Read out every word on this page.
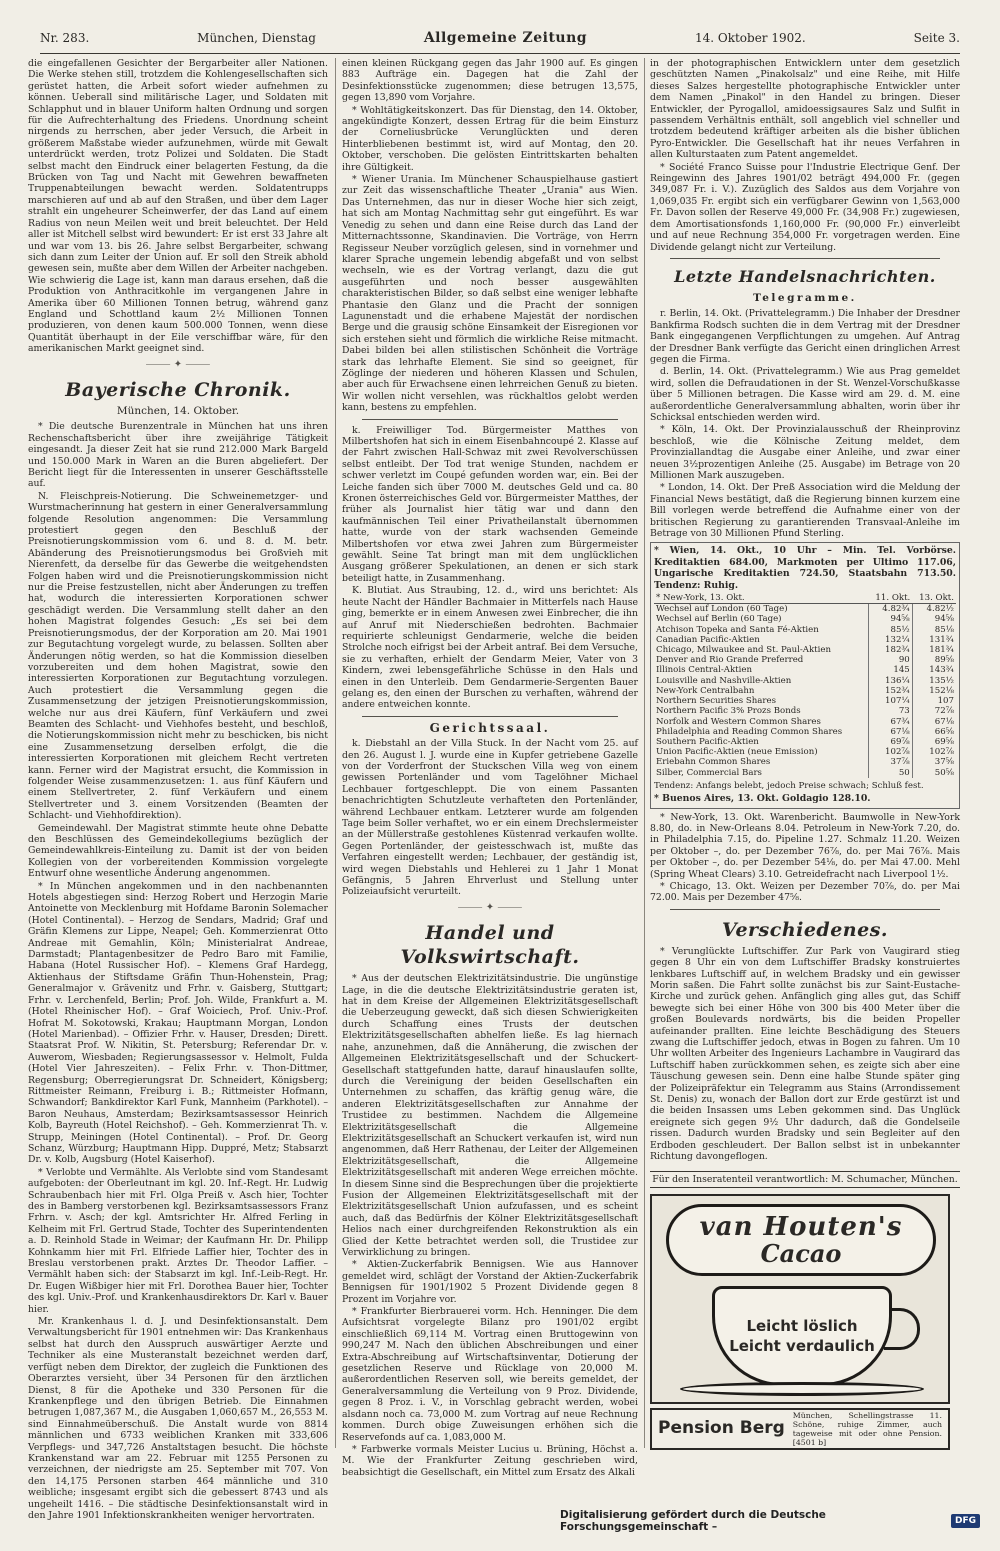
Nr. 283.	München, Dienstag	Allgemeine Zeitung	14. Oktober 1902.	Seite 3.

die eingefallenen Gesichter der Bergarbeiter aller Nationen. Die Werke stehen still, trotzdem die Kohlengesellschaften sich gerüstet hatten, die Arbeit sofort wieder aufnehmen zu können. Ueberall sind militärische Lager, und Soldaten mit Schlapphut und in blauer Uniform halten Ordnung und sorgen für die Aufrechterhaltung des Friedens. Unordnung scheint nirgends zu herrschen, aber jeder Versuch, die Arbeit in größerem Maßstabe wieder aufzunehmen, würde mit Gewalt unterdrückt werden, trotz Polizei und Soldaten. Die Stadt selbst macht den Eindruck einer belagerten Festung, da die Brücken von Tag und Nacht mit Gewehren bewaffneten Truppenabteilungen bewacht werden. Soldatentrupps marschieren auf und ab auf den Straßen, und über dem Lager strahlt ein ungeheurer Scheinwerfer, der das Land auf einem Radius von neun Meilen weit und breit beleuchtet. Der Held aller ist Mitchell selbst wird bewundert: Er ist erst 33 Jahre alt und war vom 13. bis 26. Jahre selbst Bergarbeiter, schwang sich dann zum Leiter der Union auf. Er soll den Streik abhold gewesen sein, mußte aber dem Willen der Arbeiter nachgeben. Wie schwierig die Lage ist, kann man daraus ersehen, daß die Produktion von Anthracitkohle im vergangenen Jahre in Amerika über 60 Millionen Tonnen betrug, während ganz England und Schottland kaum 2½ Millionen Tonnen produzieren, von denen kaum 500.000 Tonnen, wenn diese Quantität überhaupt in der Eile verschiffbar wäre, für den amerikanischen Markt geeignet sind.

⸻ ✦ ⸻
Bayerische Chronik.
München, 14. Oktober.

* Die deutsche Burenzentrale in München hat uns ihren Rechenschaftsbericht über ihre zweijährige Tätigkeit eingesandt. Ja dieser Zeit hat sie rund 212.000 Mark Bargeld und 150.000 Mark in Waren an die Buren abgeliefert. Der Bericht liegt für die Interessenten in unserer Geschäftsstelle auf.

N. Fleischpreis-Notierung. Die Schweinemetzger- und Wurstmacherinnung hat gestern in einer Generalversammlung folgende Resolution angenommen: Die Versammlung protestiert gegen den Beschluß der Preisnotierungskommission vom 6. und 8. d. M. betr. Abänderung des Preisnotierungsmodus bei Großvieh mit Nierenfett, da derselbe für das Gewerbe die weitgehendsten Folgen haben wird und die Preisnotierungskommission nicht nur die Preise festzustellen, nicht aber Änderungen zu treffen hat, wodurch die interessierten Korporationen schwer geschädigt werden. Die Versammlung stellt daher an den hohen Magistrat folgendes Gesuch: „Es sei bei dem Preisnotierungsmodus, der der Korporation am 20. Mai 1901 zur Begutachtung vorgelegt wurde, zu belassen. Sollten aber Änderungen nötig werden, so hat die Kommission dieselben vorzubereiten und dem hohen Magistrat, sowie den interessierten Korporationen zur Begutachtung vorzulegen. Auch protestiert die Versammlung gegen die Zusammensetzung der jetzigen Preisnotierungskommission, welche nur aus drei Käufern, fünf Verkäufern und zwei Beamten des Schlacht- und Viehhofes besteht, und beschloß, die Notierungskommission nicht mehr zu beschicken, bis nicht eine Zusammensetzung derselben erfolgt, die die interessierten Korporationen mit gleichem Recht vertreten kann. Ferner wird der Magistrat ersucht, die Kommission in folgender Weise zusammenzusetzen: 1. aus fünf Käufern und einem Stellvertreter, 2. fünf Verkäufern und einem Stellvertreter und 3. einem Vorsitzenden (Beamten der Schlacht- und Viehhofdirektion).

Gemeindewahl. Der Magistrat stimmte heute ohne Debatte den Beschlüssen des Gemeindekollegiums bezüglich der Gemeindewahlkreis-Einteilung zu. Damit ist der von beiden Kollegien von der vorbereitenden Kommission vorgelegte Entwurf ohne wesentliche Änderung angenommen.

* In München angekommen und in den nachbenannten Hotels abgestiegen sind: Herzog Robert und Herzogin Marie Antoinette von Mecklenburg mit Hofdame Baronin Solemacher (Hotel Continental). – Herzog de Sendars, Madrid; Graf und Gräfin Klemens zur Lippe, Neapel; Geh. Kommerzienrat Otto Andreae mit Gemahlin, Köln; Ministerialrat Andreae, Darmstadt; Plantagenbesitzer de Pedro Baro mit Familie, Habana (Hotel Russischer Hof). – Klemens Graf Hardegg, Aktienhaus der Stiftsdame Gräfin Thun-Hohenstein, Prag; Generalmajor v. Grävenitz und Frhr. v. Gaisberg, Stuttgart; Frhr. v. Lerchenfeld, Berlin; Prof. Joh. Wilde, Frankfurt a. M. (Hotel Rheinischer Hof). – Graf Woiciech, Prof. Univ.-Prof. Hofrat M. Sokotowski, Krakau; Hauptmann Morgan, London (Hotel Marienbad). – Offizier Frhr. v. Hauser, Dresden; Dirett. Staatsrat Prof. W. Nikitin, St. Petersburg; Referendar Dr. v. Auwerom, Wiesbaden; Regierungsassessor v. Helmolt, Fulda (Hotel Vier Jahreszeiten). – Felix Frhr. v. Thon-Dittmer, Regensburg; Oberregierungsrat Dr. Schneidert, Königsberg; Rittmeister Reimann, Freiburg i. B.; Rittmeister Hofmann, Schwandorf; Bankdirektor Karl Funk, Mannheim (Parkhotel). – Baron Neuhaus, Amsterdam; Bezirksamtsassessor Heinrich Kolb, Bayreuth (Hotel Reichshof). – Geh. Kommerzienrat Th. v. Strupp, Meiningen (Hotel Continental). – Prof. Dr. Georg Schanz, Würzburg; Hauptmann Hipp. Duppré, Metz; Stabsarzt Dr. v. Kolb, Augsburg (Hotel Kaiserhof).

* Verlobte und Vermählte. Als Verlobte sind vom Standesamt aufgeboten: der Oberleutnant im kgl. 20. Inf.-Regt. Hr. Ludwig Schraubenbach hier mit Frl. Olga Preiß v. Asch hier, Tochter des in Bamberg verstorbenen kgl. Bezirksamtsassessors Franz Frhrn. v. Asch; der kgl. Amtsrichter Hr. Alfred Ferling in Kelheim mit Frl. Gertrud Stade, Tochter des Superintendenten a. D. Reinhold Stade in Weimar; der Kaufmann Hr. Dr. Philipp Kohnkamm hier mit Frl. Elfriede Laffier hier, Tochter des in Breslau verstorbenen prakt. Arztes Dr. Theodor Laffier. – Vermählt haben sich: der Stabsarzt im kgl. Inf.-Leib-Regt. Hr. Dr. Eugen Wißbiger hier mit Frl. Dorothea Bauer hier, Tochter des kgl. Univ.-Prof. und Krankenhausdirektors Dr. Karl v. Bauer hier.

Mr. Krankenhaus l. d. J. und Desinfektionsanstalt. Dem Verwaltungsbericht für 1901 entnehmen wir: Das Krankenhaus selbst hat durch den Ausspruch auswärtiger Aerzte und Techniker als eine Musteranstalt bezeichnet werden darf, verfügt neben dem Direktor, der zugleich die Funktionen des Oberarztes versieht, über 34 Personen für den ärztlichen Dienst, 8 für die Apotheke und 330 Personen für die Krankenpflege und den übrigen Betrieb. Die Einnahmen betrugen 1,087,367 M., die Ausgaben 1,060,657 M., 26,553 M. sind Einnahmeüberschuß. Die Anstalt wurde von 8814 männlichen und 6733 weiblichen Kranken mit 333,606 Verpflegs- und 347,726 Anstaltstagen besucht. Die höchste Krankenstand war am 22. Februar mit 1255 Personen zu verzeichnen, der niedrigste am 25. September mit 707. Von den 14,175 Personen starben 464 männliche und 310 weibliche; insgesamt ergibt sich die gebessert 8743 und als ungeheilt 1416. – Die städtische Desinfektionsanstalt wird in den Jahre 1901 Infektionskrankheiten weniger hervortraten.

einen kleinen Rückgang gegen das Jahr 1900 auf. Es gingen 883 Aufträge ein. Dagegen hat die Zahl der Desinfektionsstücke zugenommen; diese betrugen 13,575, gegen 13,890 vom Vorjahre.

* Wohltätigkeitskonzert. Das für Dienstag, den 14. Oktober, angekündigte Konzert, dessen Ertrag für die beim Einsturz der Corneliusbrücke Verunglückten und deren Hinterbliebenen bestimmt ist, wird auf Montag, den 20. Oktober, verschoben. Die gelösten Eintrittskarten behalten ihre Gültigkeit.

* Wiener Urania. Im Münchener Schauspielhause gastiert zur Zeit das wissenschaftliche Theater „Urania" aus Wien. Das Unternehmen, das nur in dieser Woche hier sich zeigt, hat sich am Montag Nachmittag sehr gut eingeführt. Es war Venedig zu sehen und dann eine Reise durch das Land der Mitternachtssonne, Skandinavien. Die Vorträge, von Herrn Regisseur Neuber vorzüglich gelesen, sind in vornehmer und klarer Sprache ungemein lebendig abgefaßt und von selbst wechseln, wie es der Vortrag verlangt, dazu die gut ausgeführten und noch besser ausgewählten charakteristischen Bilder, so daß selbst eine weniger lebhafte Phantasie den Glanz und die Pracht der sonnigen Lagunenstadt und die erhabene Majestät der nordischen Berge und die grausig schöne Einsamkeit der Eisregionen vor sich erstehen sieht und förmlich die wirkliche Reise mitmacht. Dabei bilden bei allen stilistischen Schönheit die Vorträge stark das lehrhafte Element. Sie sind so geeignet, für Zöglinge der niederen und höheren Klassen und Schulen, aber auch für Erwachsene einen lehrreichen Genuß zu bieten. Wir wollen nicht versehlen, was rückhaltlos gelobt werden kann, bestens zu empfehlen.

k. Freiwilliger Tod. Bürgermeister Matthes von Milbertshofen hat sich in einem Eisenbahncoupé 2. Klasse auf der Fahrt zwischen Hall-Schwaz mit zwei Revolverschüssen selbst entleibt. Der Tod trat wenige Stunden, nachdem er schwer verletzt im Coupé gefunden worden war, ein. Bei der Leiche fanden sich über 7000 M. deutsches Geld und ca. 80 Kronen österreichisches Geld vor. Bürgermeister Matthes, der früher als Journalist hier tätig war und dann den kaufmännischen Teil einer Privatheilanstalt übernommen hatte, wurde von der stark wachsenden Gemeinde Milbertshofen vor etwa zwei Jahren zum Bürgermeister gewählt. Seine Tat bringt man mit dem unglücklichen Ausgang größerer Spekulationen, an denen er sich stark beteiligt hatte, in Zusammenhang.

K. Blutiat. Aus Straubing, 12. d., wird uns berichtet: Als heute Nacht der Händler Bachmaier in Mitterfels nach Hause ging, bemerkte er in einem Anwesen zwei Einbrecher, die ihn auf Anruf mit Niederschießen bedrohten. Bachmaier requirierte schleunigst Gendarmerie, welche die beiden Strolche noch eifrigst bei der Arbeit antraf. Bei dem Versuche, sie zu verhaften, erhielt der Gendarm Meier, Vater von 3 Kindern, zwei lebensgefährliche Schüsse in den Hals und einen in den Unterleib. Dem Gendarmerie-Sergenten Bauer gelang es, den einen der Burschen zu verhaften, während der andere entweichen konnte.

Gerichtssaal.

k. Diebstahl an der Villa Stuck. In der Nacht vom 25. auf den 26. August l. J. wurde eine in Kupfer getriebene Gazelle von der Vorderfront der Stuckschen Villa weg von einem gewissen Portenländer und vom Tagelöhner Michael Lechbauer fortgeschleppt. Die von einem Passanten benachrichtigten Schutzleute verhafteten den Portenländer, während Lechbauer entkam. Letzterer wurde am folgenden Tage beim Soller verhaftet, wo er ein einem Drechslermeister an der Müllerstraße gestohlenes Küstenrad verkaufen wollte. Gegen Portenländer, der geistesschwach ist, mußte das Verfahren eingestellt werden; Lechbauer, der geständig ist, wird wegen Diebstahls und Hehlerei zu 1 Jahr 1 Monat Gefängnis, 5 Jahren Ehrverlust und Stellung unter Polizeiaufsicht verurteilt.

⸻ ✦ ⸻
Handel und Volkswirtschaft.

* Aus der deutschen Elektrizitätsindustrie. Die ungünstige Lage, in die die deutsche Elektrizitätsindustrie geraten ist, hat in dem Kreise der Allgemeinen Elektrizitätsgesellschaft die Ueberzeugung geweckt, daß sich diesen Schwierigkeiten durch Schaffung eines Trusts der deutschen Elektrizitätsgesellschaften abhelfen ließe. Es lag hiernach nahe, anzunehmen, daß die Annäherung, die zwischen der Allgemeinen Elektrizitätsgesellschaft und der Schuckert-Gesellschaft stattgefunden hatte, darauf hinauslaufen sollte, durch die Vereinigung der beiden Gesellschaften ein Unternehmen zu schaffen, das kräftig genug wäre, die anderen Elektrizitätsgesellschaften zur Annahme der Trustidee zu bestimmen. Nachdem die Allgemeine Elektrizitätsgesellschaft die Allgemeine Elektrizitätsgesellschaft an Schuckert verkaufen ist, wird nun angenommen, daß Herr Rathenau, der Leiter der Allgemeinen Elektrizitätsgesellschaft, die Allgemeine Elektrizitätsgesellschaft mit anderen Wege erreichen möchte. In diesem Sinne sind die Besprechungen über die projektierte Fusion der Allgemeinen Elektrizitätsgesellschaft mit der Elektrizitätsgesellschaft Union aufzufassen, und es scheint auch, daß das Bedürfnis der Kölner Elektrizitätsgesellschaft Helios nach einer durchgreifenden Rekonstruktion als ein Glied der Kette betrachtet werden soll, die Trustidee zur Verwirklichung zu bringen.

* Aktien-Zuckerfabrik Bennigsen. Wie aus Hannover gemeldet wird, schlägt der Vorstand der Aktien-Zuckerfabrik Bennigsen für 1901/1902 5 Prozent Dividende gegen 8 Prozent im Vorjahre vor.

* Frankfurter Bierbrauerei vorm. Hch. Henninger. Die dem Aufsichtsrat vorgelegte Bilanz pro 1901/02 ergibt einschließlich 69,114 M. Vortrag einen Bruttogewinn von 990,247 M. Nach den üblichen Abschreibungen und einer Extra-Abschreibung auf Wirtschaftsinventar, Dotierung der gesetzlichen Reserve und Rücklage von 20,000 M. außerordentlichen Reserven soll, wie bereits gemeldet, der Generalversammlung die Verteilung von 9 Proz. Dividende, gegen 8 Proz. i. V., in Vorschlag gebracht werden, wobei alsdann noch ca. 73,000 M. zum Vortrag auf neue Rechnung kommen. Durch obige Zuweisungen erhöhen sich die Reservefonds auf ca. 1,083,000 M.

* Farbwerke vormals Meister Lucius u. Brüning, Höchst a. M. Wie der Frankfurter Zeitung geschrieben wird, beabsichtigt die Gesellschaft, ein Mittel zum Ersatz des Alkali

in der photographischen Entwicklern unter dem gesetzlich geschützten Namen „Pinakolsalz" und eine Reihe, mit Hilfe dieses Salzes hergestellte photographische Entwickler unter dem Namen „Pinakol" in den Handel zu bringen. Dieser Entwickler, der Pyrogallol, amidoessigsaures Salz und Sulfit in passendem Verhältnis enthält, soll angeblich viel schneller und trotzdem bedeutend kräftiger arbeiten als die bisher üblichen Pyro-Entwickler. Die Gesellschaft hat ihr neues Verfahren in allen Kulturstaaten zum Patent angemeldet.

* Société Franco Suisse pour l'Industrie Electrique Genf. Der Reingewinn des Jahres 1901/02 beträgt 494,000 Fr. (gegen 349,087 Fr. i. V.). Zuzüglich des Saldos aus dem Vorjahre von 1,069,035 Fr. ergibt sich ein verfügbarer Gewinn von 1,563,000 Fr. Davon sollen der Reserve 49,000 Fr. (34,908 Fr.) zugewiesen, dem Amortisationsfonds 1,160,000 Fr. (90,000 Fr.) einverleibt und auf neue Rechnung 354,000 Fr. vorgetragen werden. Eine Dividende gelangt nicht zur Verteilung.

Letzte Handelsnachrichten.
Telegramme.

r. Berlin, 14. Okt. (Privattelegramm.) Die Inhaber der Dresdner Bankfirma Rodsch suchten die in dem Vertrag mit der Dresdner Bank eingegangenen Verpflichtungen zu umgehen. Auf Antrag der Dresdner Bank verfügte das Gericht einen dringlichen Arrest gegen die Firma.

d. Berlin, 14. Okt. (Privattelegramm.) Wie aus Prag gemeldet wird, sollen die Defraudationen in der St. Wenzel-Vorschußkasse über 5 Millionen betragen. Die Kasse wird am 29. d. M. eine außerordentliche Generalversammlung abhalten, worin über ihr Schicksal entschieden werden wird.

* Köln, 14. Okt. Der Provinzialausschuß der Rheinprovinz beschloß, wie die Kölnische Zeitung meldet, dem Provinziallandtag die Ausgabe einer Anleihe, und zwar einer neuen 3½prozentigen Anleihe (25. Ausgabe) im Betrage von 20 Millionen Mark auszugeben.

* London, 14. Okt. Der Preß Association wird die Meldung der Financial News bestätigt, daß die Regierung binnen kurzem eine Bill vorlegen werde betreffend die Aufnahme einer von der britischen Regierung zu garantierenden Transvaal-Anleihe im Betrage von 30 Millionen Pfund Sterling.

* Wien, 14. Okt., 10 Uhr – Min. Tel. Vorbörse. Kreditaktien 684.00, Markmoten per Ultimo 117.06, Ungarische Kreditaktien 724.50, Staatsbahn 713.50. Tendenz: Ruhig.

* New-York, 13. Okt.	11. Okt.	13. Okt.
Wechsel auf London (60 Tage)	4.82¾	4.82½
Wechsel auf Berlin (60 Tage)	94⅝	94⅝
Atchison Topeka and Santa Fé-Aktien	85½	85⅛
Canadian Pacific-Aktien	132¼	131¾
Chicago, Milwaukee and St. Paul-Aktien	182¾	181¾
Denver and Rio Grande Preferred	90	89⅝
Illinois Central-Aktien	145	143¾
Louisville and Nashville-Aktien	136¼	135½
New-York Centralbahn	152¾	152⅛
Northern Securities Shares	107¼	107
Northern Pacific 3% Prozs Bonds	73	72⅞
Norfolk and Western Common Shares	67¾	67⅛
Philadelphia and Reading Common Shares	67⅛	66⅝
Southern Pacific-Aktien	69⅞	69⅝
Union Pacific-Aktien (neue Emission)	102⅞	102⅞
Eriebahn Common Shares	37⅞	37⅝
Silber, Commercial Bars	50	50⅝

Tendenz: Anfangs belebt, jedoch Preise schwach; Schluß fest.

* Buenos Aires, 13. Okt. Goldagio 128.10.

* New-York, 13. Okt. Warenbericht. Baumwolle in New-York 8.80, do. in New-Orleans 8.04. Petroleum in New-York 7.20, do. in Philadelphia 7.15, do. Pipeline 1.27. Schmalz 11.20. Weizen per Oktober –, do. per Dezember 76⅞, do. per Mai 76⅞. Mais per Oktober –, do. per Dezember 54⅛, do. per Mai 47.00. Mehl (Spring Wheat Clears) 3.10. Getreidefracht nach Liverpool 1½.

* Chicago, 13. Okt. Weizen per Dezember 70⅞, do. per Mai 72.00. Mais per Dezember 47⅝.

Verschiedenes.

* Verunglückte Luftschiffer. Zur Park von Vaugirard stieg gegen 8 Uhr ein von dem Luftschiffer Bradsky konstruiertes lenkbares Luftschiff auf, in welchem Bradsky und ein gewisser Morin saßen. Die Fahrt sollte zunächst bis zur Saint-Eustache-Kirche und zurück gehen. Anfänglich ging alles gut, das Schiff bewegte sich bei einer Höhe von 300 bis 400 Meter über die großen Boulevards nordwärts, bis die beiden Propeller aufeinander prallten. Eine leichte Beschädigung des Steuers zwang die Luftschiffer jedoch, etwas in Bogen zu fahren. Um 10 Uhr wollten Arbeiter des Ingenieurs Lachambre in Vaugirard das Luftschiff haben zurückkommen sehen, es zeigte sich aber eine Täuschung gewesen sein. Denn eine halbe Stunde später ging der Polizeipräfektur ein Telegramm aus Stains (Arrondissement St. Denis) zu, wonach der Ballon dort zur Erde gestürzt ist und die beiden Insassen ums Leben gekommen sind. Das Unglück ereignete sich gegen 9½ Uhr dadurch, daß die Gondelseile rissen. Dadurch wurden Bradsky und sein Begleiter auf den Erdboden geschleudert. Der Ballon selbst ist in unbekannter Richtung davongeflogen.

Für den Inseratenteil verantwortlich: M. Schumacher, München.
van Houten's
Cacao
Leicht löslich
Leicht verdaulich
Pension Berg
München, Schellingstrasse 11. Schöne, ruhige Zimmer, auch tageweise mit oder ohne Pension. [4501 b]
Digitalisierung gefördert durch die Deutsche Forschungsgemeinschaft –	DFG
